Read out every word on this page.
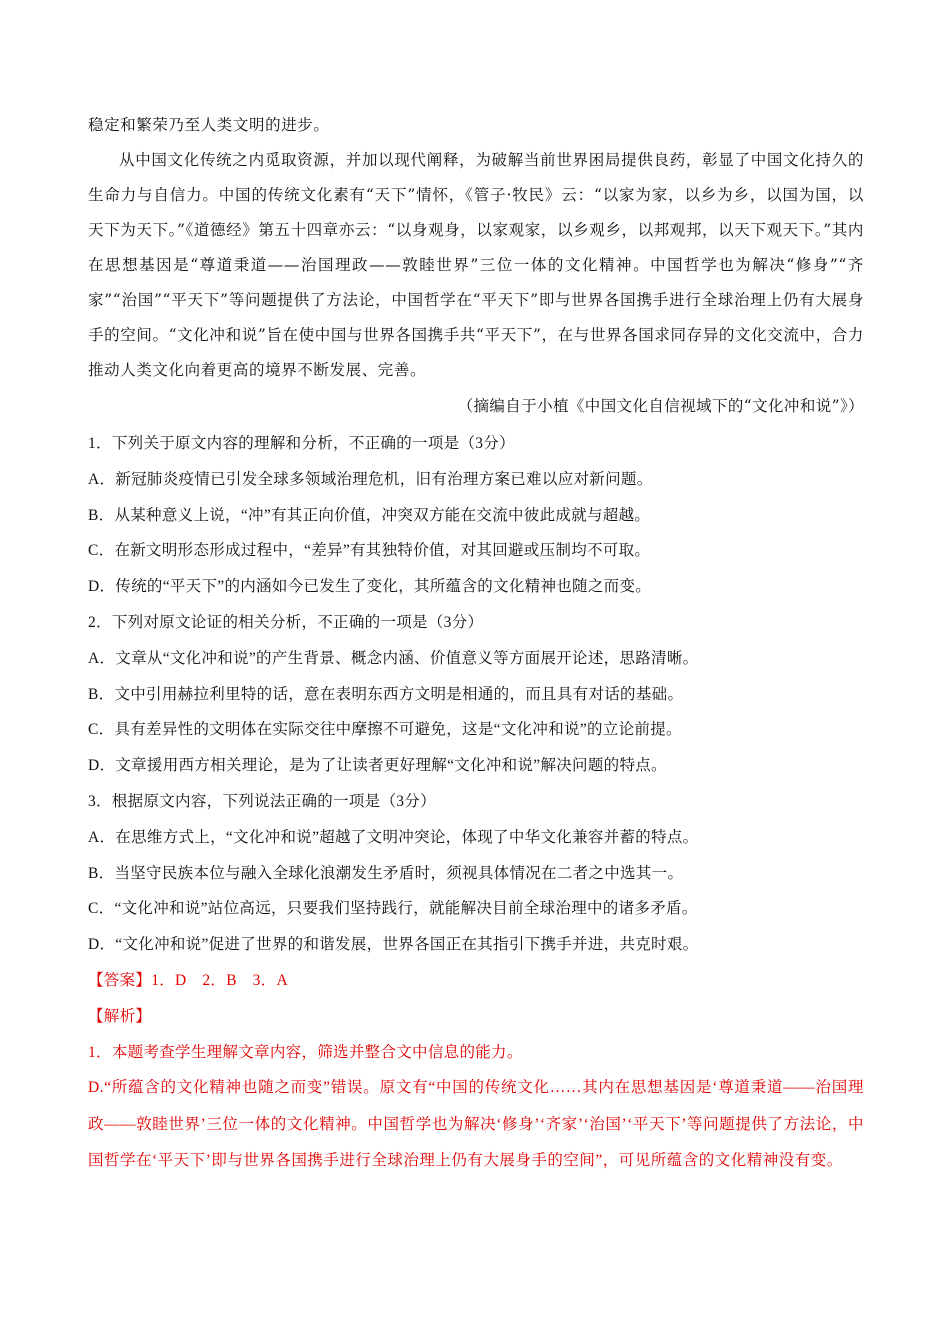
稳定和繁荣乃至人类文明的进步。

从中国文化传统之内觅取资源，并加以现代阐释，为破解当前世界困局提供良药，彰显了中国文化持久的生命力与自信力。中国的传统文化素有“天下”情怀，《管子·牧民》云：“以家为家，以乡为乡，以国为国，以天下为天下。”《道德经》第五十四章亦云：“以身观身，以家观家，以乡观乡，以邦观邦，以天下观天下。”其内在思想基因是“尊道秉道——治国理政——敦睦世界”三位一体的文化精神。中国哲学也为解决“修身”“齐家”“治国”“平天下”等问题提供了方法论，中国哲学在“平天下”即与世界各国携手进行全球治理上仍有大展身手的空间。“文化冲和说”旨在使中国与世界各国携手共“平天下”，在与世界各国求同存异的文化交流中，合力推动人类文化向着更高的境界不断发展、完善。

（摘编自于小植《中国文化自信视域下的“文化冲和说”》）

1．下列关于原文内容的理解和分析，不正确的一项是（3分）

A．新冠肺炎疫情已引发全球多领域治理危机，旧有治理方案已难以应对新问题。

B．从某种意义上说，“冲”有其正向价值，冲突双方能在交流中彼此成就与超越。

C．在新文明形态形成过程中，“差异”有其独特价值，对其回避或压制均不可取。

D．传统的“平天下”的内涵如今已发生了变化，其所蕴含的文化精神也随之而变。

2．下列对原文论证的相关分析，不正确的一项是（3分）

A．文章从“文化冲和说”的产生背景、概念内涵、价值意义等方面展开论述，思路清晰。

B．文中引用赫拉利里特的话，意在表明东西方文明是相通的，而且具有对话的基础。

C．具有差异性的文明体在实际交往中摩擦不可避免，这是“文化冲和说”的立论前提。

D．文章援用西方相关理论，是为了让读者更好理解“文化冲和说”解决问题的特点。

3．根据原文内容，下列说法正确的一项是（3分）

A．在思维方式上，“文化冲和说”超越了文明冲突论，体现了中华文化兼容并蓄的特点。

B．当坚守民族本位与融入全球化浪潮发生矛盾时，须视具体情况在二者之中选其一。

C．“文化冲和说”站位高远，只要我们坚持践行，就能解决目前全球治理中的诸多矛盾。

D．“文化冲和说”促进了世界的和谐发展，世界各国正在其指引下携手并进，共克时艰。

【答案】1．D　2．B　3．A

【解析】

1．本题考查学生理解文章内容，筛选并整合文中信息的能力。

D.“所蕴含的文化精神也随之而变”错误。原文有“中国的传统文化……其内在思想基因是‘尊道秉道——治国理政——敦睦世界’三位一体的文化精神。中国哲学也为解决‘修身’‘齐家’‘治国’‘平天下’等问题提供了方法论，中国哲学在‘平天下’即与世界各国携手进行全球治理上仍有大展身手的空间”，可见所蕴含的文化精神没有变。
